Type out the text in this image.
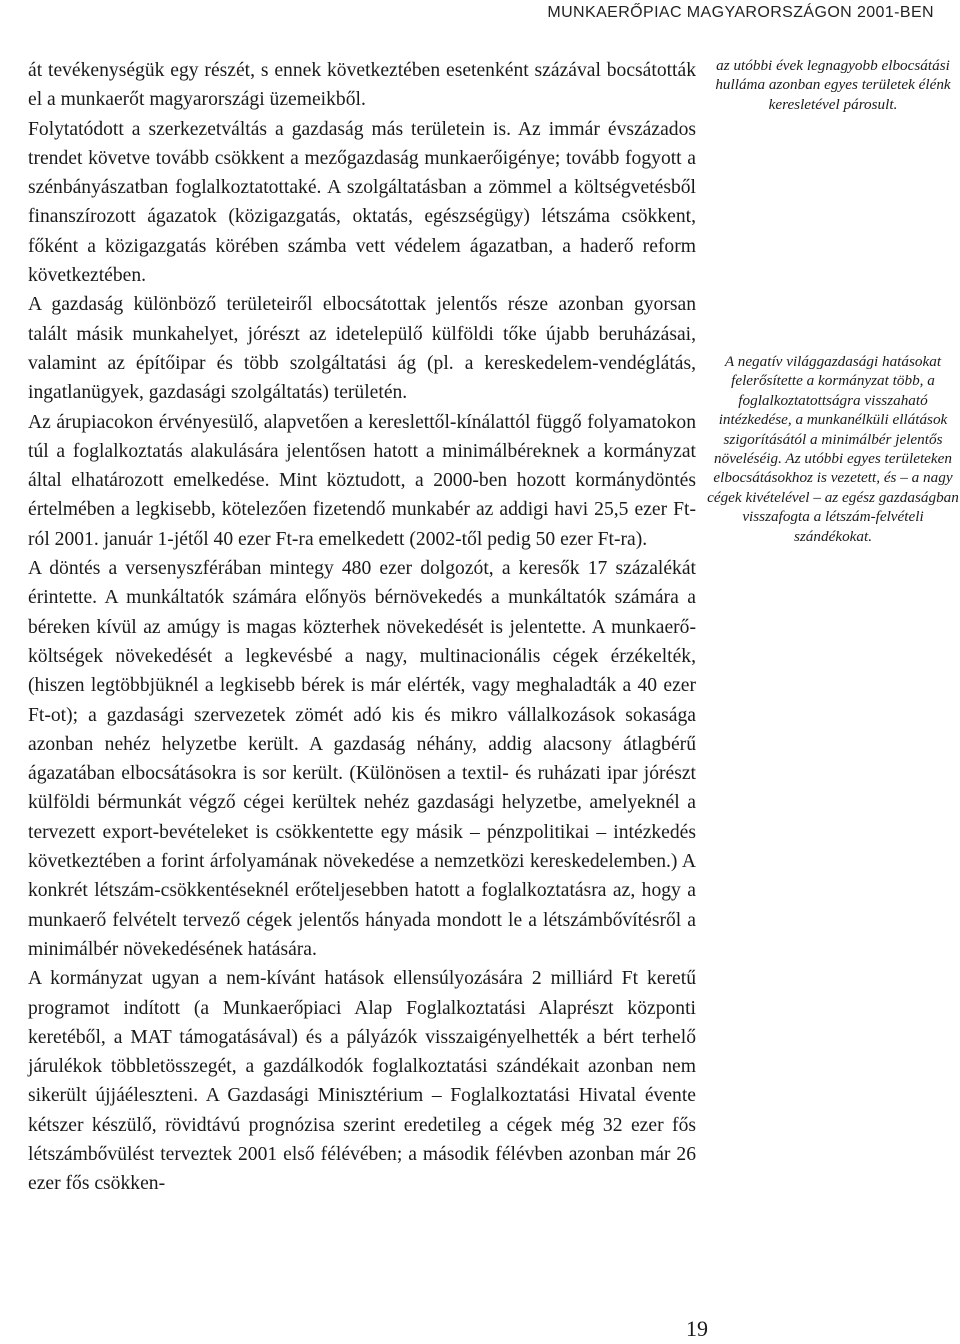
MUNKAERŐPIAC MAGYARORSZÁGON 2001-BEN

át tevékenységük egy részét, s ennek következtében esetenként százával bocsátották el a munkaerőt magyarországi üzemeikből.

Folytatódott a szerkezetváltás a gazdaság más területein is. Az immár évszázados trendet követve tovább csökkent a mezőgazdaság munkaerőigénye; tovább fogyott a szénbányászatban foglalkoztatottaké. A szolgáltatásban a zömmel a költségvetésből finanszírozott ágazatok (közigazgatás, oktatás, egészségügy) létszáma csökkent, főként a közigazgatás körében számba vett védelem ágazatban, a haderő reform következtében.

A gazdaság különböző területeiről elbocsátottak jelentős része azonban gyorsan talált másik munkahelyet, jórészt az idetelepülő külföldi tőke újabb beruházásai, valamint az építőipar és több szolgáltatási ág (pl. a kereskedelem-vendéglátás, ingatlanügyek, gazdasági szolgáltatás) területén.

Az árupiacokon érvényesülő, alapvetően a kereslettől-kínálattól függő folyamatokon túl a foglalkoztatás alakulására jelentősen hatott a minimálbéreknek a kormányzat által elhatározott emelkedése. Mint köztudott, a 2000-ben hozott kormánydöntés értelmében a legkisebb, kötelezően fizetendő munkabér az addigi havi 25,5 ezer Ft-ról 2001. január 1-jétől 40 ezer Ft-ra emelkedett (2002-től pedig 50 ezer Ft-ra).

A döntés a versenyszférában mintegy 480 ezer dolgozót, a keresők 17 százalékát érintette. A munkáltatók számára előnyös bérnövekedés a munkáltatók számára a béreken kívül az amúgy is magas közterhek növekedését is jelentette. A munkaerő-költségek növekedését a legkevésbé a nagy, multinacionális cégek érzékelték, (hiszen legtöbbjüknél a legkisebb bérek is már elérték, vagy meghaladták a 40 ezer Ft-ot); a gazdasági szervezetek zömét adó kis és mikro vállalkozások sokasága azonban nehéz helyzetbe került. A gazdaság néhány, addig alacsony átlagbérű ágazatában elbocsátásokra is sor került. (Különösen a textil- és ruházati ipar jórészt külföldi bérmunkát végző cégei kerültek nehéz gazdasági helyzetbe, amelyeknél a tervezett export-bevételeket is csökkentette egy másik – pénzpolitikai – intézkedés következtében a forint árfolyamának növekedése a nemzetközi kereskedelemben.) A konkrét létszám-csökkentéseknél erőteljesebben hatott a foglalkoztatásra az, hogy a munkaerő felvételt tervező cégek jelentős hányada mondott le a létszámbővítésről a minimálbér növekedésének hatására.

A kormányzat ugyan a nem-kívánt hatások ellensúlyozására 2 milliárd Ft keretű programot indított (a Munkaerőpiaci Alap Foglalkoztatási Alaprészt központi keretéből, a MAT támogatásával) és a pályázók visszaigényelhették a bért terhelő járulékok többletösszegét, a gazdálkodók foglalkoztatási szándékait azonban nem sikerült újjáéleszteni. A Gazdasági Minisztérium – Foglalkoztatási Hivatal évente kétszer készülő, rövidtávú prognózisa szerint eredetileg a cégek még 32 ezer fős létszámbővülést terveztek 2001 első félévében; a második félévben azonban már 26 ezer fős csökken-

az utóbbi évek legnagyobb elbocsátási hulláma azonban egyes területek élénk keresletével párosult.

A negatív világgazdasági hatásokat felerősítette a kormányzat több, a foglalkoztatottságra visszaható intézkedése, a munkanélküli ellátások szigorításától a minimálbér jelentős növeléséig. Az utóbbi egyes területeken elbocsátásokhoz is vezetett, és – a nagy cégek kivételével – az egész gazdaságban visszafogta a létszám-felvételi szándékokat.

19
